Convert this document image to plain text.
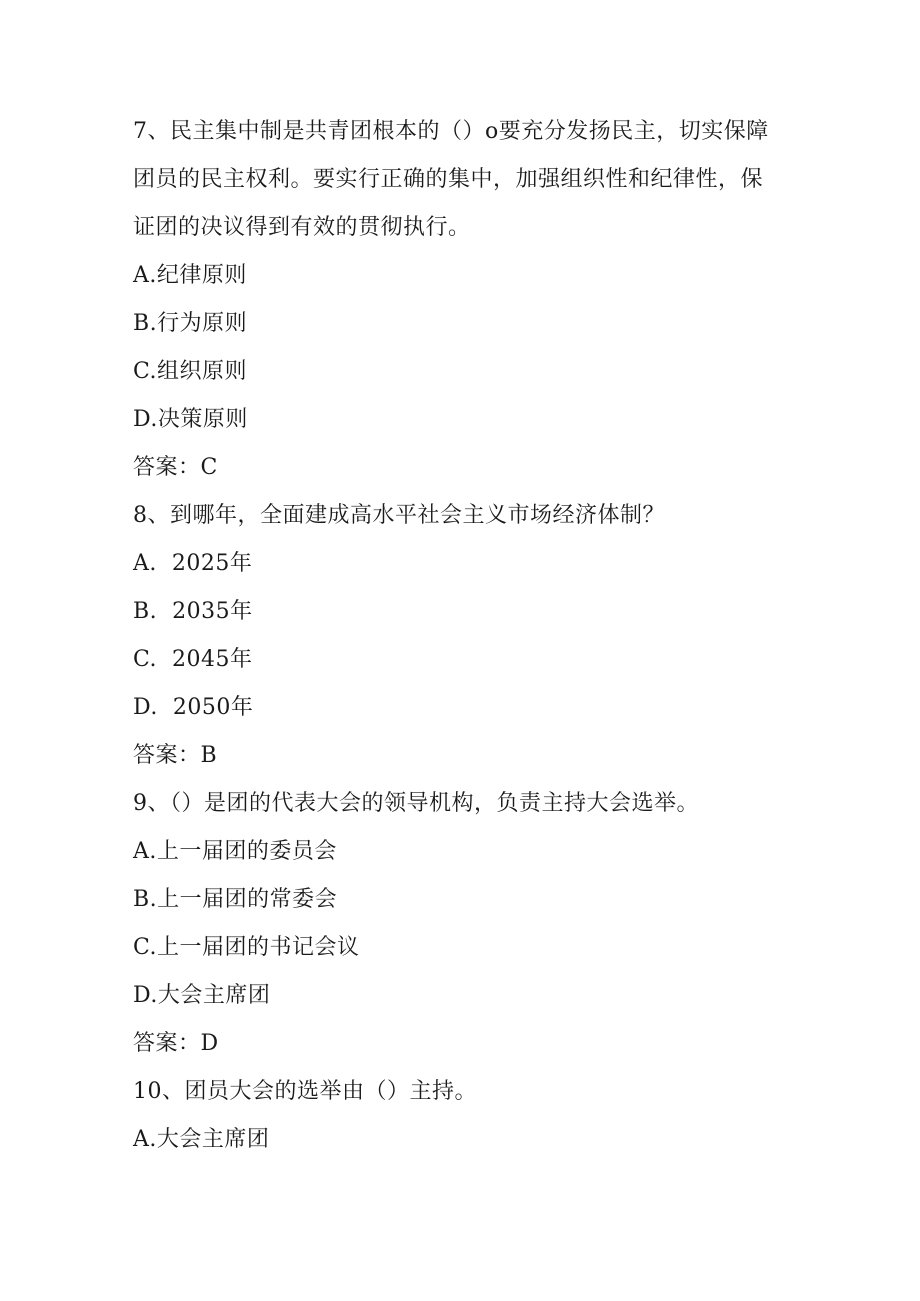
7、民主集中制是共青团根本的（）o要充分发扬民主，切实保障
团员的民主权利。要实行正确的集中，加强组织性和纪律性，保
证团的决议得到有效的贯彻执行。
A.纪律原则
B.行为原则
C.组织原则
D.决策原则
答案：C
8、到哪年，全面建成高水平社会主义市场经济体制？
A.  2025年
B.  2035年
C.  2045年
D.  2050年
答案：B
9、（）是团的代表大会的领导机构，负责主持大会选举。
A.上一届团的委员会
B.上一届团的常委会
C.上一届团的书记会议
D.大会主席团
答案：D
10、团员大会的选举由（）主持。
A.大会主席团
